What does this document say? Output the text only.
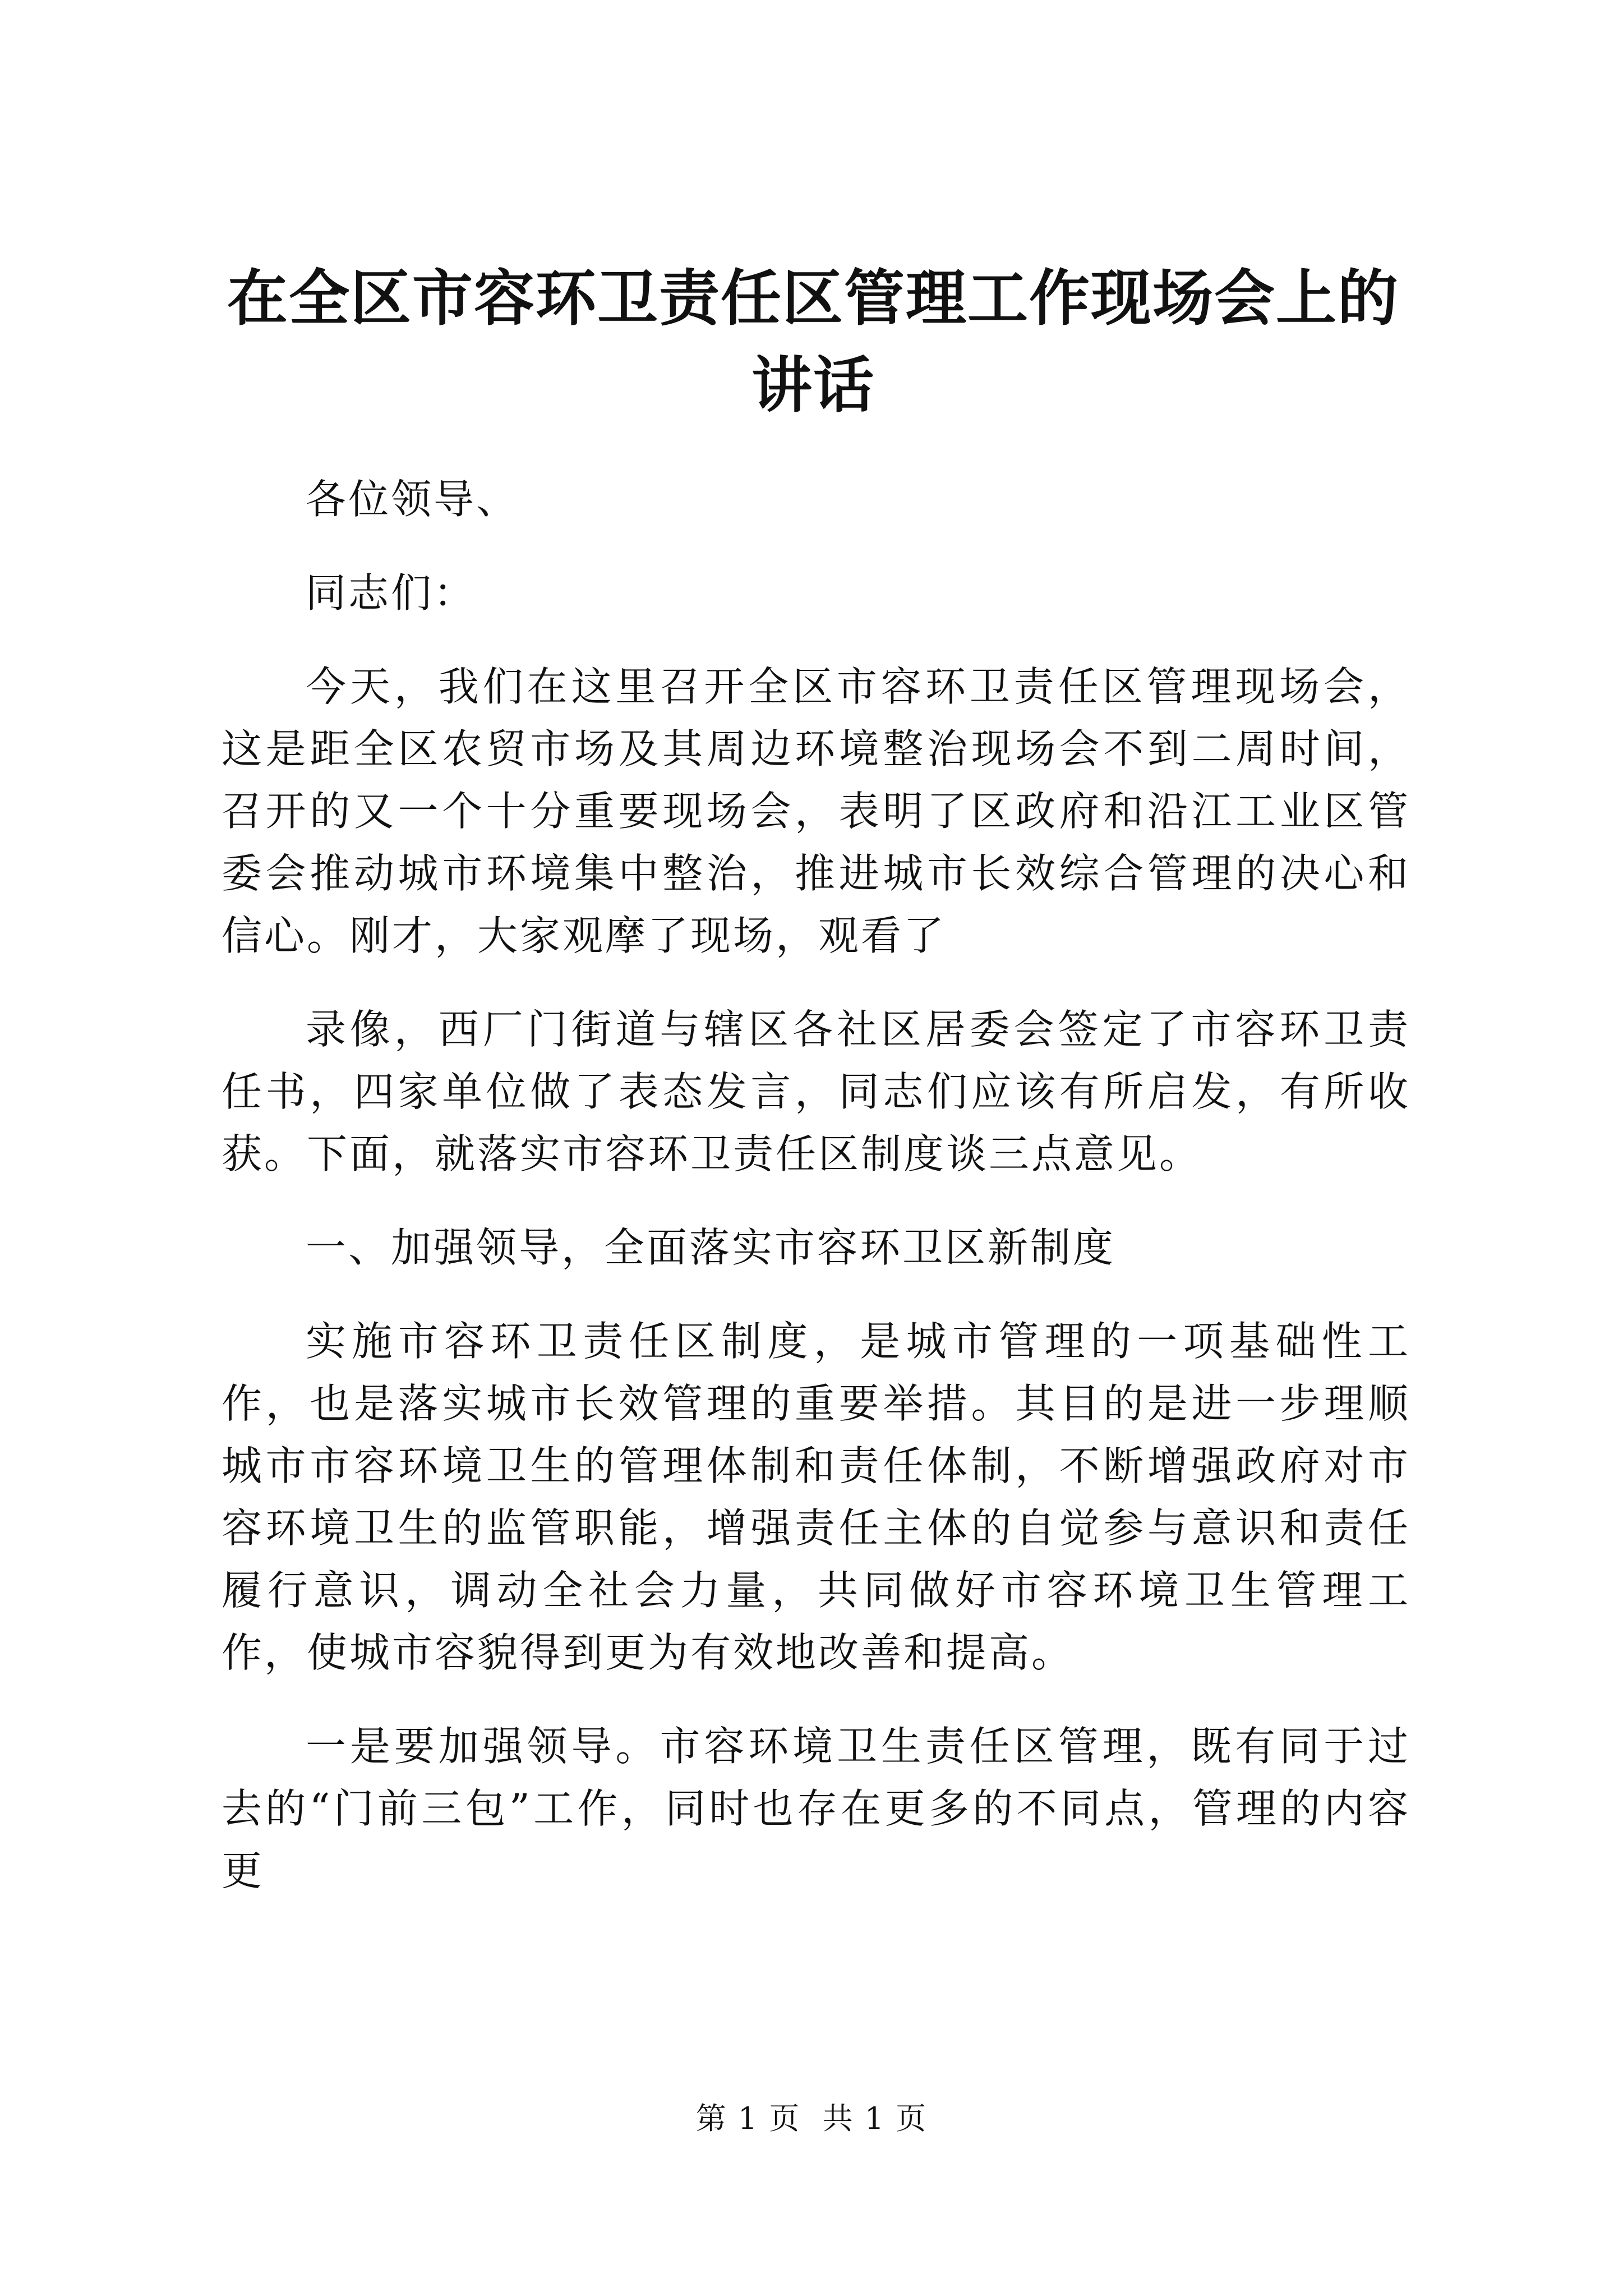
在全区市容环卫责任区管理工作现场会上的讲话

各位领导、

同志们：

今天，我们在这里召开全区市容环卫责任区管理现场会，这是距全区农贸市场及其周边环境整治现场会不到二周时间，召开的又一个十分重要现场会，表明了区政府和沿江工业区管委会推动城市环境集中整治，推进城市长效综合管理的决心和信心。刚才，大家观摩了现场，观看了

录像，西厂门街道与辖区各社区居委会签定了市容环卫责任书，四家单位做了表态发言，同志们应该有所启发，有所收获。下面，就落实市容环卫责任区制度谈三点意见。

一、加强领导，全面落实市容环卫区新制度

实施市容环卫责任区制度，是城市管理的一项基础性工作，也是落实城市长效管理的重要举措。其目的是进一步理顺城市市容环境卫生的管理体制和责任体制，不断增强政府对市容环境卫生的监管职能，增强责任主体的自觉参与意识和责任履行意识，调动全社会力量，共同做好市容环境卫生管理工作，使城市容貌得到更为有效地改善和提高。

一是要加强领导。市容环境卫生责任区管理，既有同于过去的“门前三包”工作，同时也存在更多的不同点，管理的内容更

第 1 页 共 1 页
